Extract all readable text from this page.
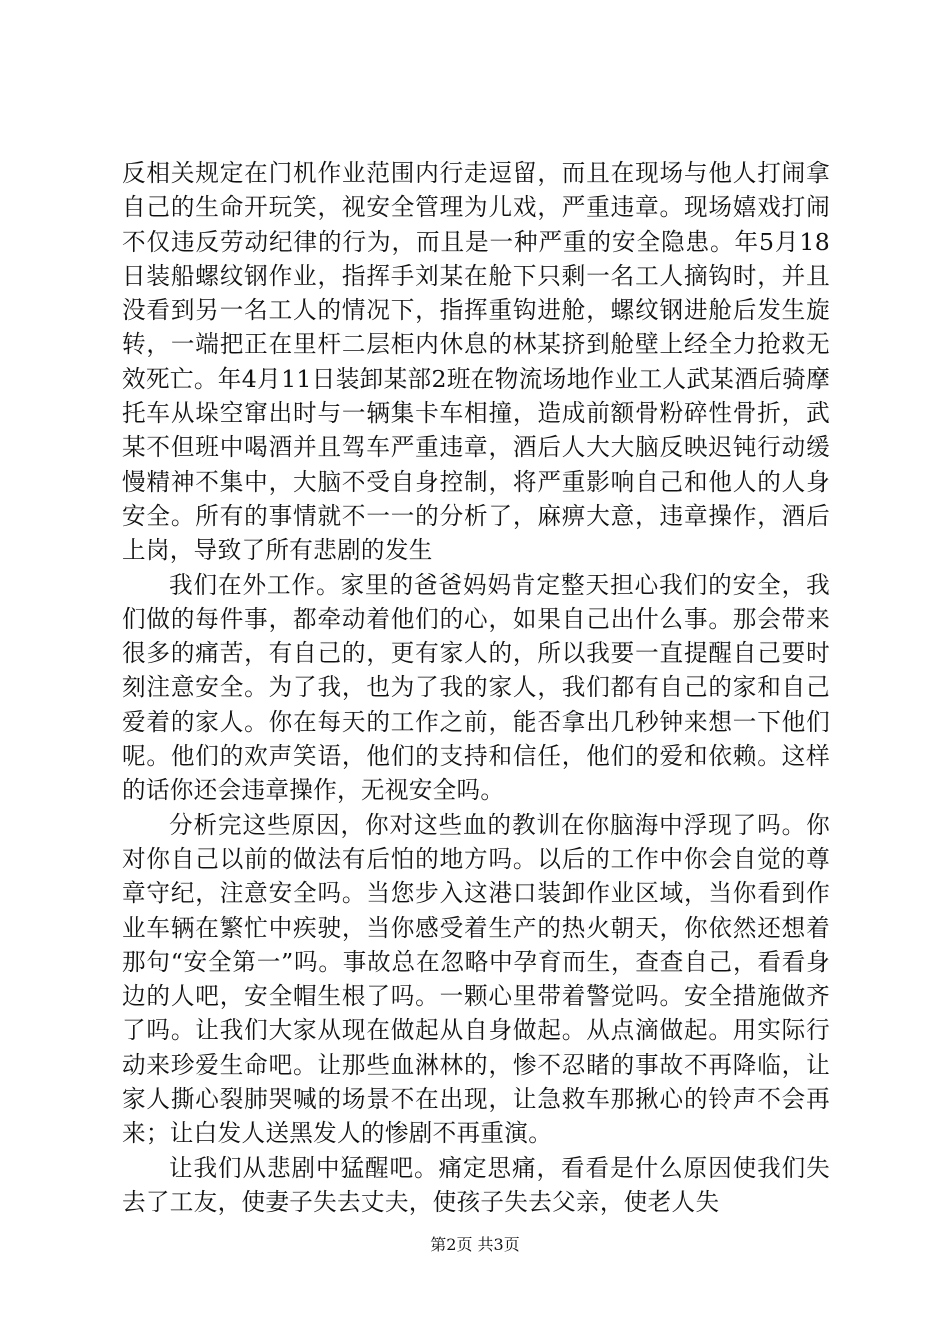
反相关规定在门机作业范围内行走逗留，而且在现场与他人打闹拿自己的生命开玩笑，视安全管理为儿戏，严重违章。现场嬉戏打闹不仅违反劳动纪律的行为，而且是一种严重的安全隐患。年5月18日装船螺纹钢作业，指挥手刘某在舱下只剩一名工人摘钩时，并且没看到另一名工人的情况下，指挥重钩进舱，螺纹钢进舱后发生旋转，一端把正在里杆二层柜内休息的林某挤到舱壁上经全力抢救无效死亡。年4月11日装卸某部2班在物流场地作业工人武某酒后骑摩托车从垛空窜出时与一辆集卡车相撞，造成前额骨粉碎性骨折，武某不但班中喝酒并且驾车严重违章，酒后人大大脑反映迟钝行动缓慢精神不集中，大脑不受自身控制，将严重影响自己和他人的人身安全。所有的事情就不一一的分析了，麻痹大意，违章操作，酒后上岗，导致了所有悲剧的发生

我们在外工作。家里的爸爸妈妈肯定整天担心我们的安全，我们做的每件事，都牵动着他们的心，如果自己出什么事。那会带来很多的痛苦，有自己的，更有家人的，所以我要一直提醒自己要时刻注意安全。为了我，也为了我的家人，我们都有自己的家和自己爱着的家人。你在每天的工作之前，能否拿出几秒钟来想一下他们呢。他们的欢声笑语，他们的支持和信任，他们的爱和依赖。这样的话你还会违章操作，无视安全吗。

分析完这些原因，你对这些血的教训在你脑海中浮现了吗。你对你自己以前的做法有后怕的地方吗。以后的工作中你会自觉的尊章守纪，注意安全吗。当您步入这港口装卸作业区域，当你看到作业车辆在繁忙中疾驶，当你感受着生产的热火朝天，你依然还想着那句“安全第一”吗。事故总在忽略中孕育而生，查查自己，看看身边的人吧，安全帽生根了吗。一颗心里带着警觉吗。安全措施做齐了吗。让我们大家从现在做起从自身做起。从点滴做起。用实际行动来珍爱生命吧。让那些血淋林的，惨不忍睹的事故不再降临，让家人撕心裂肺哭喊的场景不在出现，让急救车那揪心的铃声不会再来；让白发人送黑发人的惨剧不再重演。

让我们从悲剧中猛醒吧。痛定思痛，看看是什么原因使我们失去了工友，使妻子失去丈夫，使孩子失去父亲，使老人失

第2页 共3页
